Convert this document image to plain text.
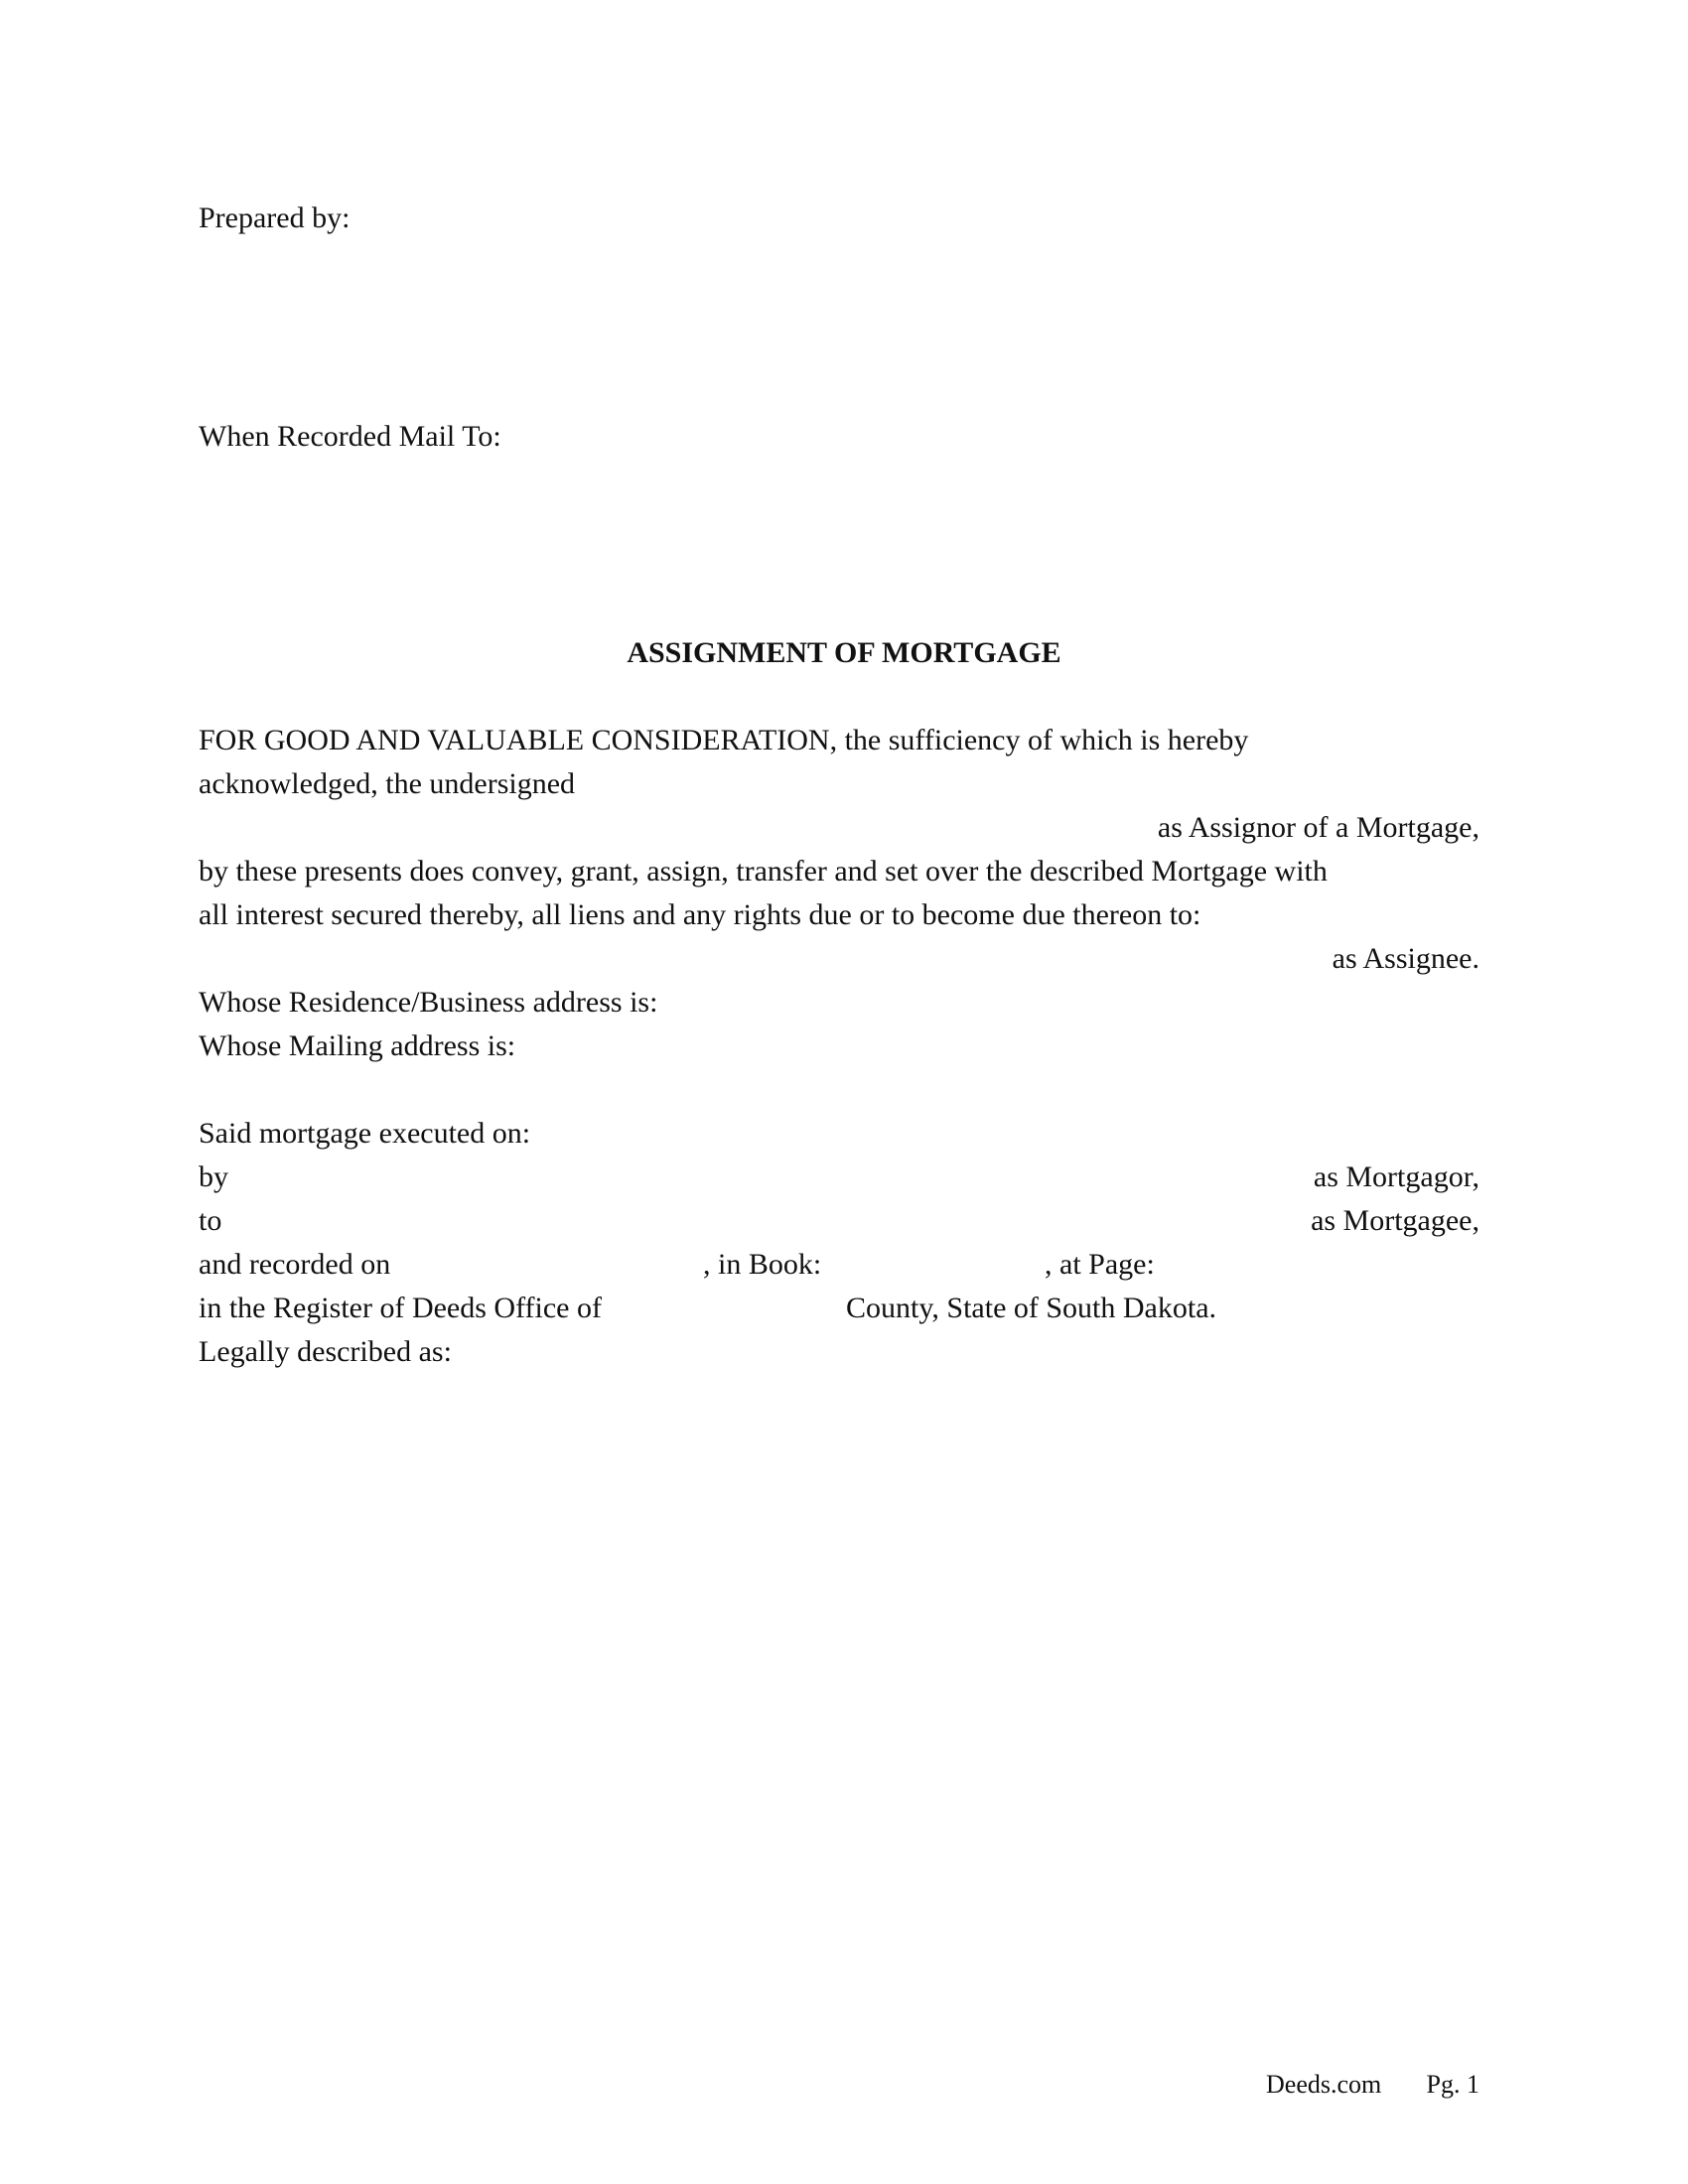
Prepared by:
When Recorded Mail To:
ASSIGNMENT OF MORTGAGE
FOR GOOD AND VALUABLE CONSIDERATION, the sufficiency of which is hereby
acknowledged, the undersigned
as Assignor of a Mortgage,
by these presents does convey, grant, assign, transfer and set over the described Mortgage with
all interest secured thereby, all liens and any rights due or to become due thereon to:
as Assignee.
Whose Residence/Business address is:
Whose Mailing address is:
Said mortgage executed on:
by	as Mortgagor,
to	as Mortgagee,
and recorded on	, in Book:	, at Page:
in the Register of Deeds Office of	County, State of South Dakota.
Legally described as:
Deeds.com Pg. 1
